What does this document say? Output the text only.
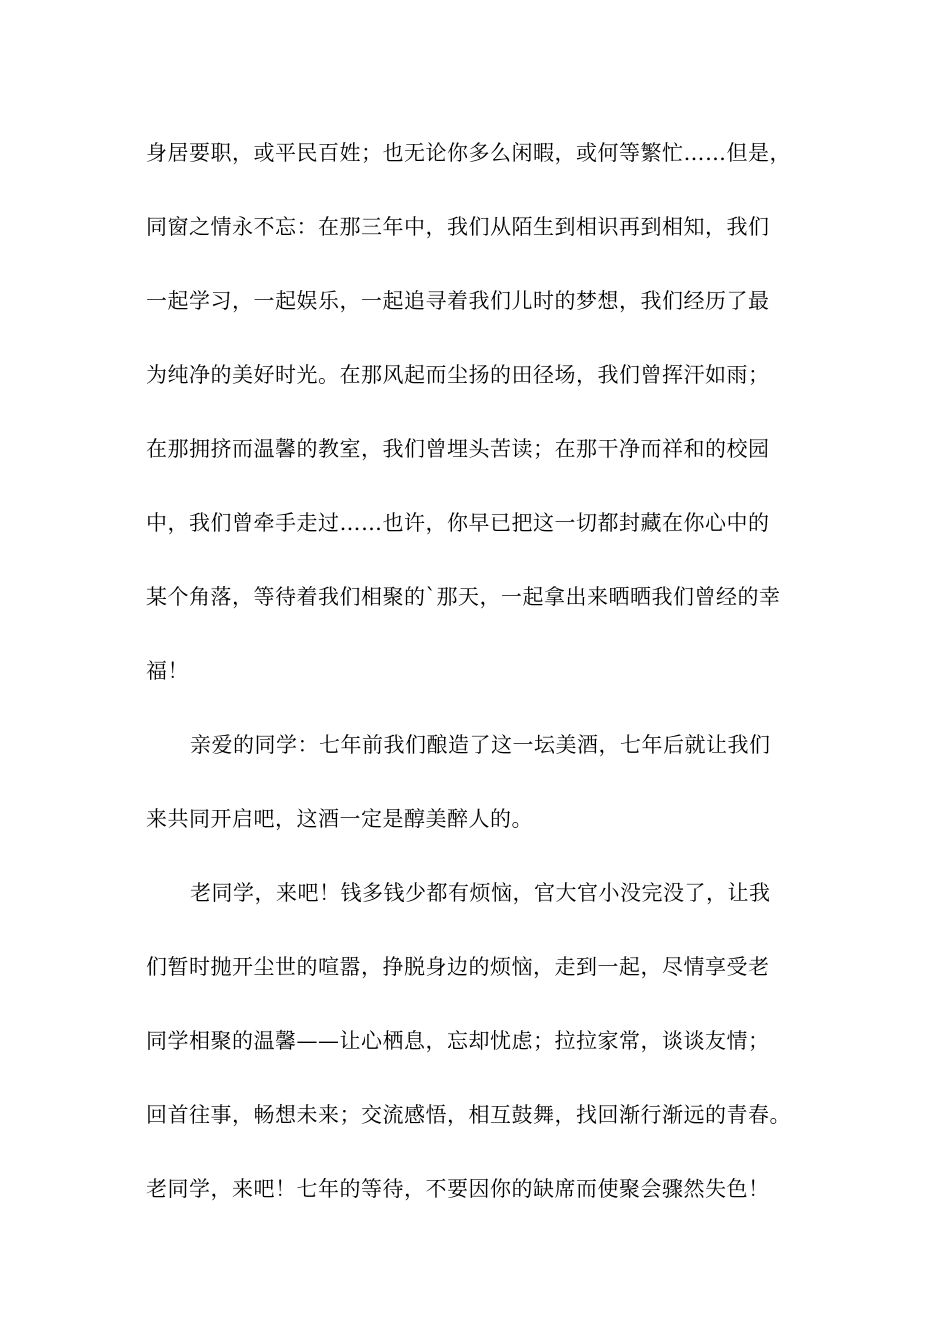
身居要职，或平民百姓；也无论你多么闲暇，或何等繁忙……但是，
同窗之情永不忘：在那三年中，我们从陌生到相识再到相知，我们
一起学习，一起娱乐，一起追寻着我们儿时的梦想，我们经历了最
为纯净的美好时光。在那风起而尘扬的田径场，我们曾挥汗如雨；
在那拥挤而温馨的教室，我们曾埋头苦读；在那干净而祥和的校园
中，我们曾牵手走过……也许，你早已把这一切都封藏在你心中的
某个角落，等待着我们相聚的`那天，一起拿出来晒晒我们曾经的幸
福！
亲爱的同学：七年前我们酿造了这一坛美酒，七年后就让我们
来共同开启吧，这酒一定是醇美醉人的。
老同学，来吧！钱多钱少都有烦恼，官大官小没完没了，让我
们暂时抛开尘世的喧嚣，挣脱身边的烦恼，走到一起，尽情享受老
同学相聚的温馨——让心栖息，忘却忧虑；拉拉家常，谈谈友情；
回首往事，畅想未来；交流感悟，相互鼓舞，找回渐行渐远的青春。
老同学，来吧！七年的等待，不要因你的缺席而使聚会骤然失色！
